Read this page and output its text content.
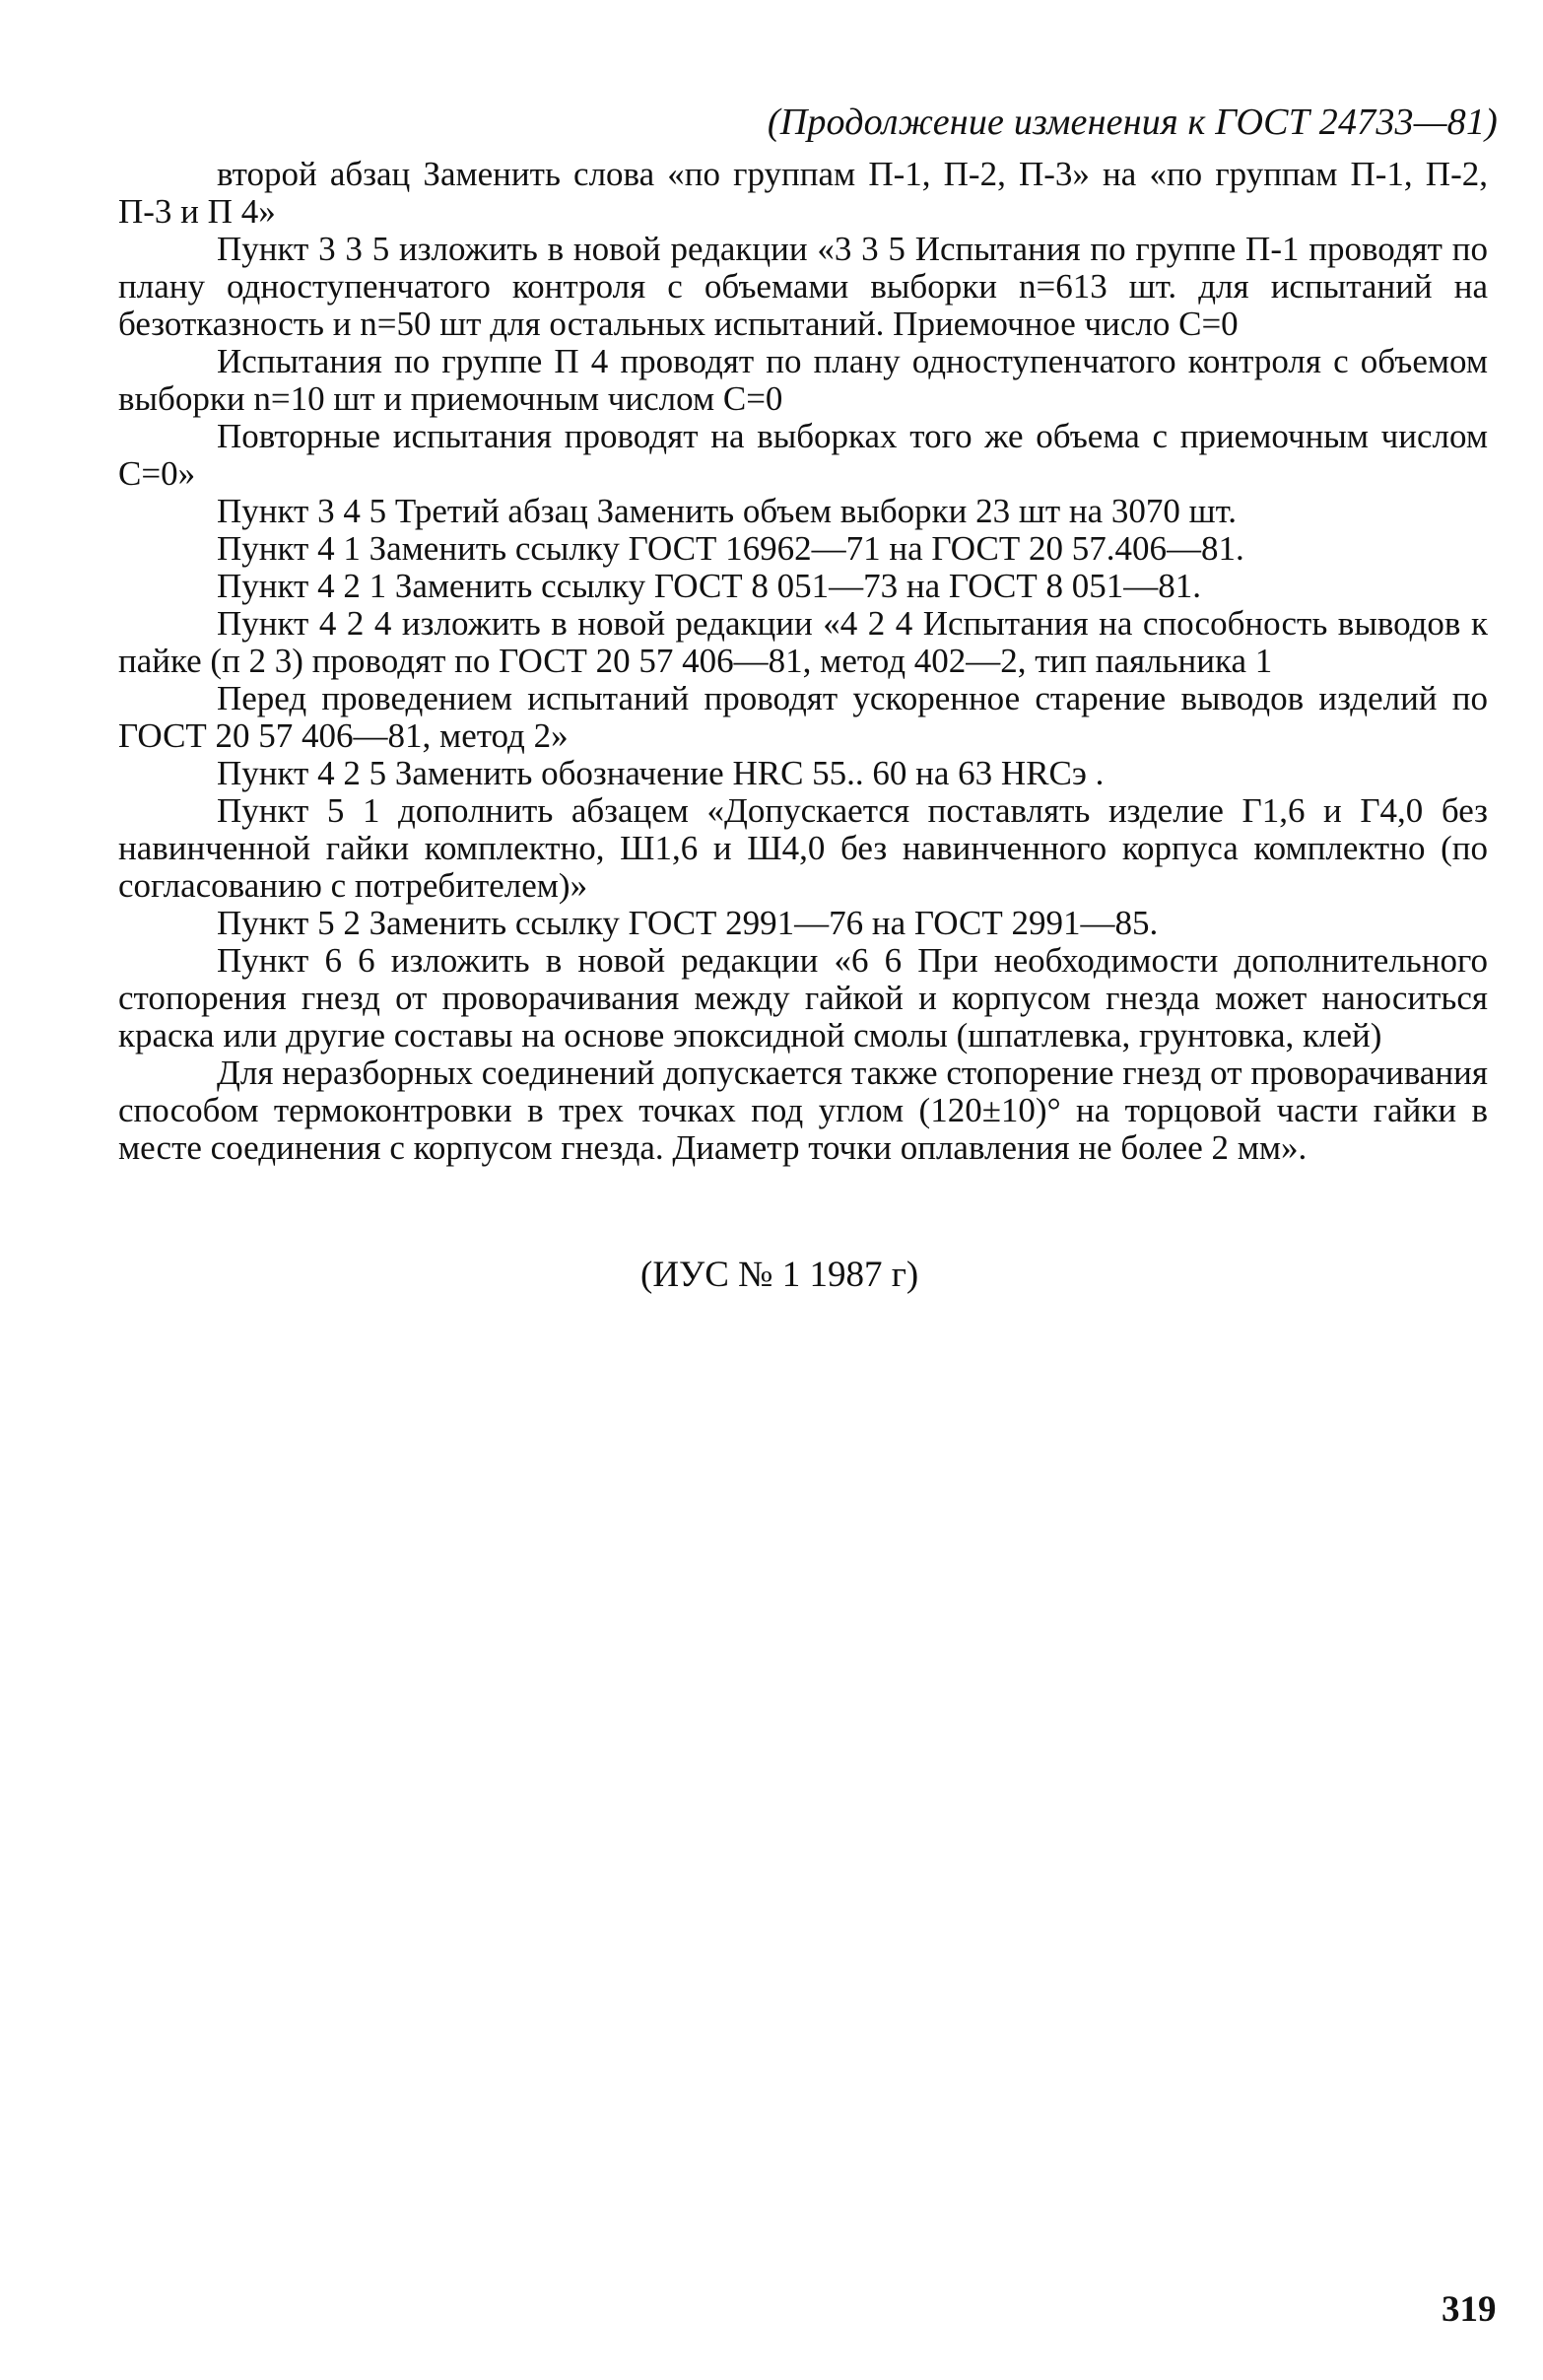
(Продолжение изменения к ГОСТ 24733—81)

второй абзац Заменить слова «по группам П-1, П-2, П-3» на «по группам П-1, П-2, П-3 и П 4»

Пункт 3 3 5 изложить в новой редакции «3 3 5 Испытания по группе П-1 проводят по плану одноступенчатого контроля с объемами выборки n=613 шт. для испытаний на безотказность и n=50 шт для остальных испытаний. Приемочное число C=0

Испытания по группе П 4 проводят по плану одноступенчатого контроля с объемом выборки n=10 шт и приемочным числом C=0

Повторные испытания проводят на выборках того же объема с приемочным числом C=0»

Пункт 3 4 5 Третий абзац Заменить объем выборки 23 шт на 3070 шт.

Пункт 4 1 Заменить ссылку ГОСТ 16962—71 на ГОСТ 20 57.406—81.

Пункт 4 2 1 Заменить ссылку ГОСТ 8 051—73 на ГОСТ 8 051—81.

Пункт 4 2 4 изложить в новой редакции «4 2 4 Испытания на способность выводов к пайке (п 2 3) проводят по ГОСТ 20 57 406—81, метод 402—2, тип паяльника 1

Перед проведением испытаний проводят ускоренное старение выводов изделий по ГОСТ 20 57 406—81, метод 2»

Пункт 4 2 5 Заменить обозначение HRC 55.. 60 на 63 HRCэ .

Пункт 5 1 дополнить абзацем «Допускается поставлять изделие Г1,6 и Г4,0 без навинченной гайки комплектно, Ш1,6 и Ш4,0 без навинченного корпуса комплектно (по согласованию с потребителем)»

Пункт 5 2 Заменить ссылку ГОСТ 2991—76 на ГОСТ 2991—85.

Пункт 6 6 изложить в новой редакции «6 6 При необходимости дополнительного стопорения гнезд от проворачивания между гайкой и корпусом гнезда может наноситься краска или другие составы на основе эпоксидной смолы (шпатлевка, грунтовка, клей)

Для неразборных соединений допускается также стопорение гнезд от проворачивания способом термоконтровки в трех точках под углом (120±10)° на торцовой части гайки в месте соединения с корпусом гнезда. Диаметр точки оплавления не более 2 мм».

(ИУС № 1 1987 г)
319
